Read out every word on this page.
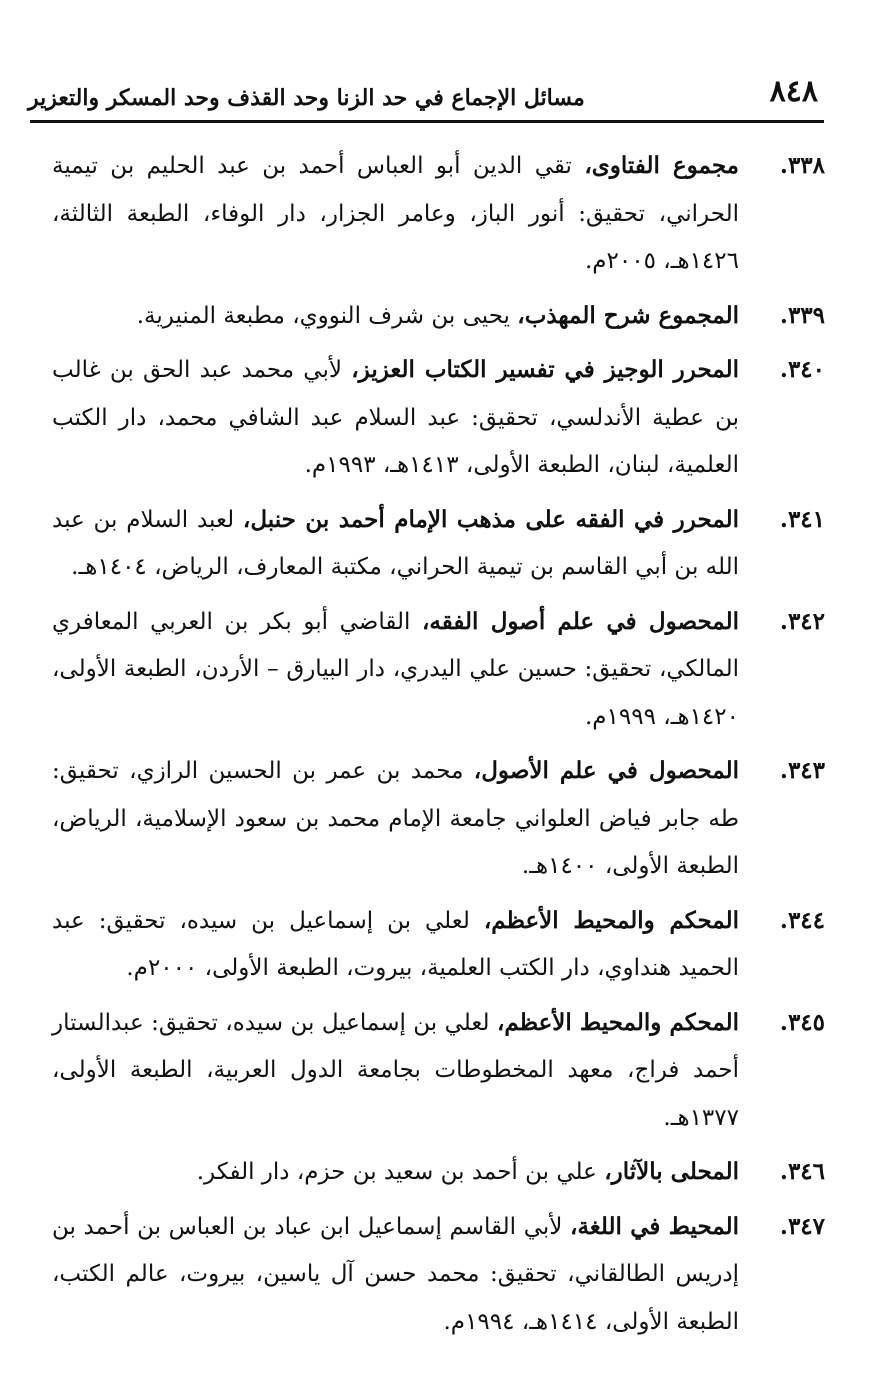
٨٤٨
مسائل الإجماع في حد الزنا وحد القذف وحد المسكر والتعزير
٣٣٨.
مجموع الفتاوى، تقي الدين أبو العباس أحمد بن عبد الحليم بن تيمية الحراني، تحقيق: أنور الباز، وعامر الجزار، دار الوفاء، الطبعة الثالثة، ١٤٢٦هـ، ٢٠٠٥م.
٣٣٩.
المجموع شرح المهذب، يحيى بن شرف النووي، مطبعة المنيرية.
٣٤٠.
المحرر الوجيز في تفسير الكتاب العزيز، لأبي محمد عبد الحق بن غالب بن عطية الأندلسي، تحقيق: عبد السلام عبد الشافي محمد، دار الكتب العلمية، لبنان، الطبعة الأولى، ١٤١٣هـ، ١٩٩٣م.
٣٤١.
المحرر في الفقه على مذهب الإمام أحمد بن حنبل، لعبد السلام بن عبد الله بن أبي القاسم بن تيمية الحراني، مكتبة المعارف، الرياض، ١٤٠٤هـ.
٣٤٢.
المحصول في علم أصول الفقه، القاضي أبو بكر بن العربي المعافري المالكي، تحقيق: حسين علي اليدري، دار البيارق – الأردن، الطبعة الأولى، ١٤٢٠هـ، ١٩٩٩م.
٣٤٣.
المحصول في علم الأصول، محمد بن عمر بن الحسين الرازي، تحقيق: طه جابر فياض العلواني جامعة الإمام محمد بن سعود الإسلامية، الرياض، الطبعة الأولى، ١٤٠٠هـ.
٣٤٤.
المحكم والمحيط الأعظم، لعلي بن إسماعيل بن سيده، تحقيق: عبد الحميد هنداوي، دار الكتب العلمية، بيروت، الطبعة الأولى، ٢٠٠٠م.
٣٤٥.
المحكم والمحيط الأعظم، لعلي بن إسماعيل بن سيده، تحقيق: عبدالستار أحمد فراج، معهد المخطوطات بجامعة الدول العربية، الطبعة الأولى، ١٣٧٧هـ.
٣٤٦.
المحلى بالآثار، علي بن أحمد بن سعيد بن حزم، دار الفكر.
٣٤٧.
المحيط في اللغة، لأبي القاسم إسماعيل ابن عباد بن العباس بن أحمد بن إدريس الطالقاني، تحقيق: محمد حسن آل ياسين، بيروت، عالم الكتب، الطبعة الأولى، ١٤١٤هـ، ١٩٩٤م.
